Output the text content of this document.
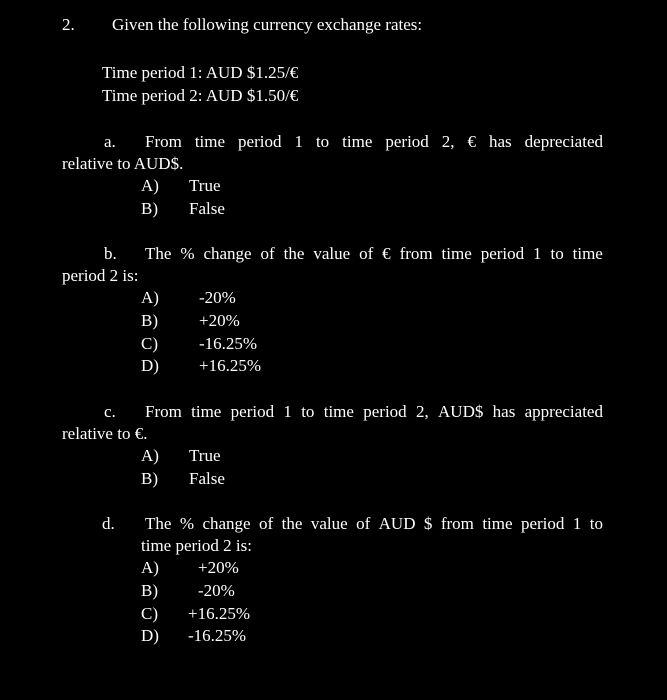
2. Given the following currency exchange rates:
Time period 1: AUD $1.25/€
Time period 2: AUD $1.50/€
a. From time period 1 to time period 2, € has depreciated
relative to AUD$.
A) True
B) False
b. The % change of the value of € from time period 1 to time
period 2 is:
A) -20%
B) +20%
C) -16.25%
D) +16.25%
c. From time period 1 to time period 2, AUD$ has appreciated
relative to €.
A) True
B) False
d. The % change of the value of AUD $ from time period 1 to
time period 2 is:
A) +20%
B) -20%
C) +16.25%
D) -16.25%
